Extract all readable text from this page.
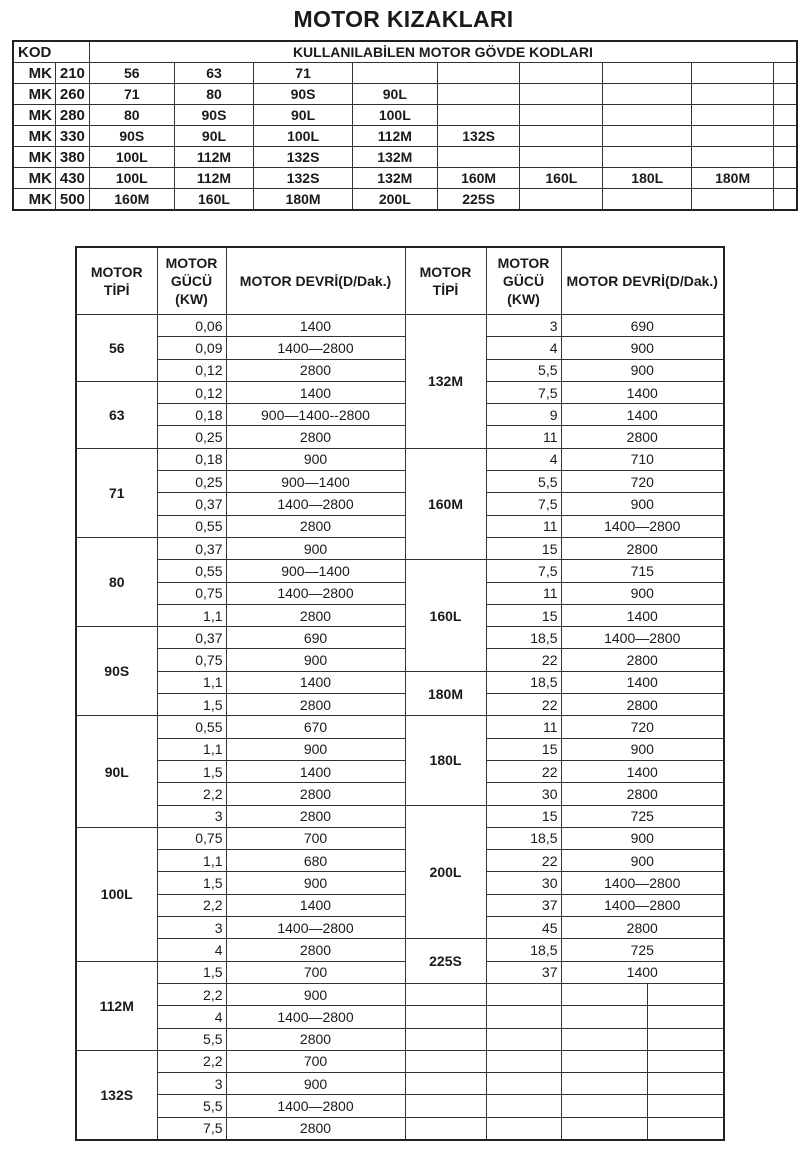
MOTOR KIZAKLARI
KOD		KULLANILABİLEN MOTOR GÖVDE KODLARI								
MK	210	56	63	71						
MK	260	71	80	90S	90L					
MK	280	80	90S	90L	100L					
MK	330	90S	90L	100L	112M	132S				
MK	380	100L	112M	132S	132M					
MK	430	100L	112M	132S	132M	160M	160L	180L	180M	
MK	500	160M	160L	180M	200L	225S				
MOTOR TİPİ	MOTOR GÜCÜ (KW)	MOTOR DEVRİ(D/Dak.)	MOTOR TİPİ	MOTOR GÜCÜ (KW)	MOTOR DEVRİ(D/Dak.)	
56	0,06	1400	132M	3	690	
	0,09	1400—2800		4	900	
	0,12	2800		5,5	900	
63	0,12	1400		7,5	1400	
	0,18	900—1400--2800		9	1400	
	0,25	2800		11	2800	
71	0,18	900	160M	4	710	
	0,25	900—1400		5,5	720	
	0,37	1400—2800		7,5	900	
	0,55	2800		11	1400—2800	
80	0,37	900		15	2800	
	0,55	900—1400	160L	7,5	715	
	0,75	1400—2800		11	900	
	1,1	2800		15	1400	
90S	0,37	690		18,5	1400—2800	
	0,75	900		22	2800	
	1,1	1400	180M	18,5	1400	
	1,5	2800		22	2800	
90L	0,55	670	180L	11	720	
	1,1	900		15	900	
	1,5	1400		22	1400	
	2,2	2800		30	2800	
	3	2800	200L	15	725	
100L	0,75	700		18,5	900	
	1,1	680		22	900	
	1,5	900		30	1400—2800	
	2,2	1400		37	1400—2800	
	3	1400—2800		45	2800	
	4	2800	225S	18,5	725	
112M	1,5	700		37	1400	
	2,2	900				
	4	1400—2800				
	5,5	2800				
132S	2,2	700				
	3	900				
	5,5	1400—2800				
	7,5	2800				
